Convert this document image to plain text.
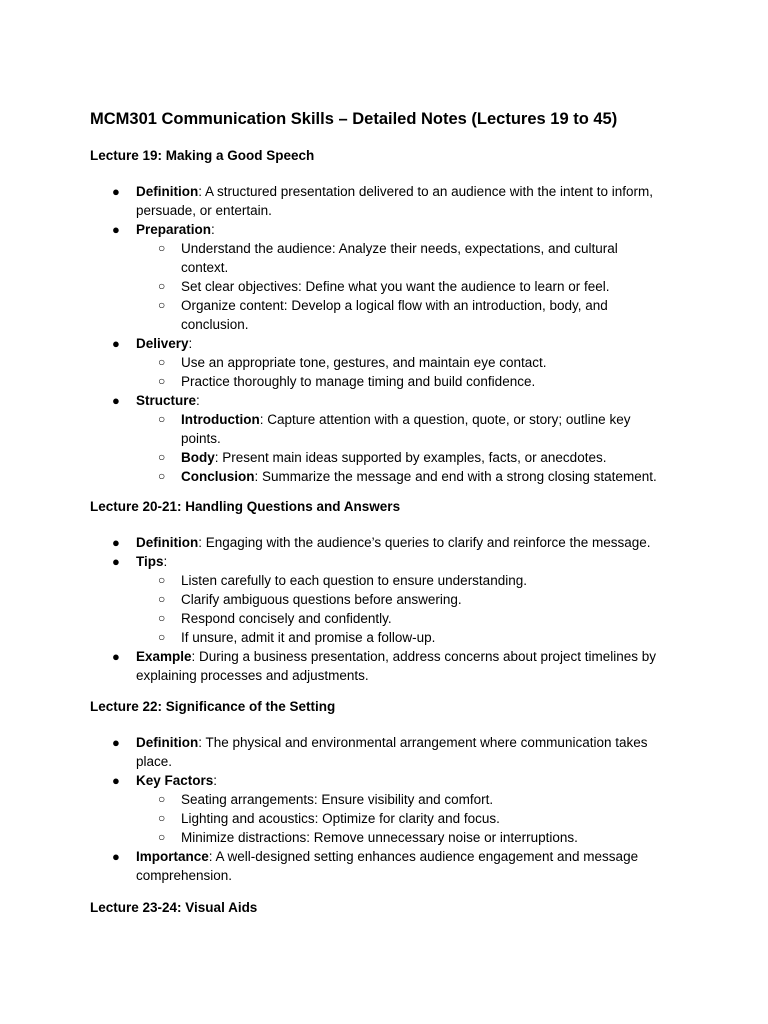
MCM301 Communication Skills – Detailed Notes (Lectures 19 to 45)
Lecture 19: Making a Good Speech
● Definition: A structured presentation delivered to an audience with the intent to inform, persuade, or entertain.
● Preparation:
○ Understand the audience: Analyze their needs, expectations, and cultural context.
○ Set clear objectives: Define what you want the audience to learn or feel.
○ Organize content: Develop a logical flow with an introduction, body, and conclusion.
● Delivery:
○ Use an appropriate tone, gestures, and maintain eye contact.
○ Practice thoroughly to manage timing and build confidence.
● Structure:
○ Introduction: Capture attention with a question, quote, or story; outline key points.
○ Body: Present main ideas supported by examples, facts, or anecdotes.
○ Conclusion: Summarize the message and end with a strong closing statement.
Lecture 20-21: Handling Questions and Answers
● Definition: Engaging with the audience’s queries to clarify and reinforce the message.
● Tips:
○ Listen carefully to each question to ensure understanding.
○ Clarify ambiguous questions before answering.
○ Respond concisely and confidently.
○ If unsure, admit it and promise a follow-up.
● Example: During a business presentation, address concerns about project timelines by explaining processes and adjustments.
Lecture 22: Significance of the Setting
● Definition: The physical and environmental arrangement where communication takes place.
● Key Factors:
○ Seating arrangements: Ensure visibility and comfort.
○ Lighting and acoustics: Optimize for clarity and focus.
○ Minimize distractions: Remove unnecessary noise or interruptions.
● Importance: A well-designed setting enhances audience engagement and message comprehension.
Lecture 23-24: Visual Aids
